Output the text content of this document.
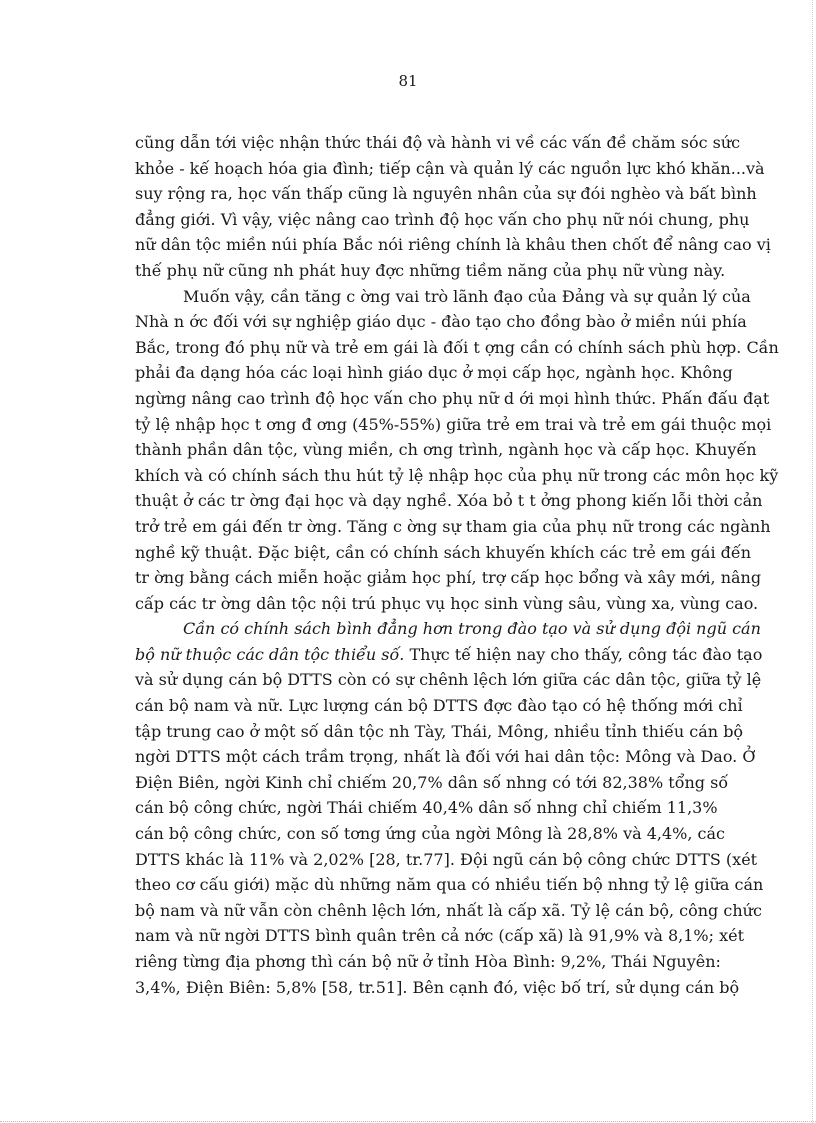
81
cũng dẫn tới việc nhận thức thái độ và hành vi về các vấn đề chăm sóc sức
khỏe - kế hoạch hóa gia đình; tiếp cận và quản lý các nguồn lực khó khăn...và
suy rộng ra, học vấn thấp cũng là nguyên nhân của sự đói nghèo và bất bình
đẳng giới. Vì vậy, việc nâng cao trình độ học vấn cho phụ nữ nói chung, phụ
nữ dân tộc miền núi phía Bắc nói riêng chính là khâu then chốt để nâng cao vị
thế phụ nữ cũng nh phát huy đợc những tiềm năng của phụ nữ vùng này.
Muốn vậy, cần tăng c ờng vai trò lãnh đạo của Đảng và sự quản lý của
Nhà n ớc đối với sự nghiệp giáo dục - đào tạo cho đồng bào ở miền núi phía
Bắc, trong đó phụ nữ và trẻ em gái là đối t ợng cần có chính sách phù hợp. Cần
phải đa dạng hóa các loại hình giáo dục ở mọi cấp học, ngành học. Không
ngừng nâng cao trình độ học vấn cho phụ nữ d ới mọi hình thức. Phấn đấu đạt
tỷ lệ nhập học t ơng đ ơng (45%-55%) giữa trẻ em trai và trẻ em gái thuộc mọi
thành phần dân tộc, vùng miền, ch ơng trình, ngành học và cấp học. Khuyến
khích và có chính sách thu hút tỷ lệ nhập học của phụ nữ trong các môn học kỹ
thuật ở các tr ờng đại học và dạy nghề. Xóa bỏ t t ởng phong kiến lỗi thời cản
trở trẻ em gái đến tr ờng. Tăng c ờng sự tham gia của phụ nữ trong các ngành
nghề kỹ thuật. Đặc biệt, cần có chính sách khuyến khích các trẻ em gái đến
tr ờng bằng cách miễn hoặc giảm học phí, trợ cấp học bổng và xây mới, nâng
cấp các tr ờng dân tộc nội trú phục vụ học sinh vùng sâu, vùng xa, vùng cao.
Cần có chính sách bình đẳng hơn trong đào tạo và sử dụng đội ngũ cán
bộ nữ thuộc các dân tộc thiểu số. Thực tế hiện nay cho thấy, công tác đào tạo
và sử dụng cán bộ DTTS còn có sự chênh lệch lớn giữa các dân tộc, giữa tỷ lệ
cán bộ nam và nữ. Lực lượng cán bộ DTTS đợc đào tạo có hệ thống mới chỉ
tập trung cao ở một số dân tộc nh Tày, Thái, Mông, nhiều tỉnh thiếu cán bộ
ngời DTTS một cách trầm trọng, nhất là đối với hai dân tộc: Mông và Dao. Ở
Điện Biên, ngời Kinh chỉ chiếm 20,7% dân số nhng có tới 82,38% tổng số
cán bộ công chức, ngời Thái chiếm 40,4% dân số nhng chỉ chiếm 11,3%
cán bộ công chức, con số tơng ứng của ngời Mông là 28,8% và 4,4%, các
DTTS khác là 11% và 2,02% [28, tr.77]. Đội ngũ cán bộ công chức DTTS (xét
theo cơ cấu giới) mặc dù những năm qua có nhiều tiến bộ nhng tỷ lệ giữa cán
bộ nam và nữ vẫn còn chênh lệch lớn, nhất là cấp xã. Tỷ lệ cán bộ, công chức
nam và nữ ngời DTTS bình quân trên cả nớc (cấp xã) là 91,9% và 8,1%; xét
riêng từng địa phơng thì cán bộ nữ ở tỉnh Hòa Bình: 9,2%, Thái Nguyên:
3,4%, Điện Biên: 5,8% [58, tr.51]. Bên cạnh đó, việc bố trí, sử dụng cán bộ
